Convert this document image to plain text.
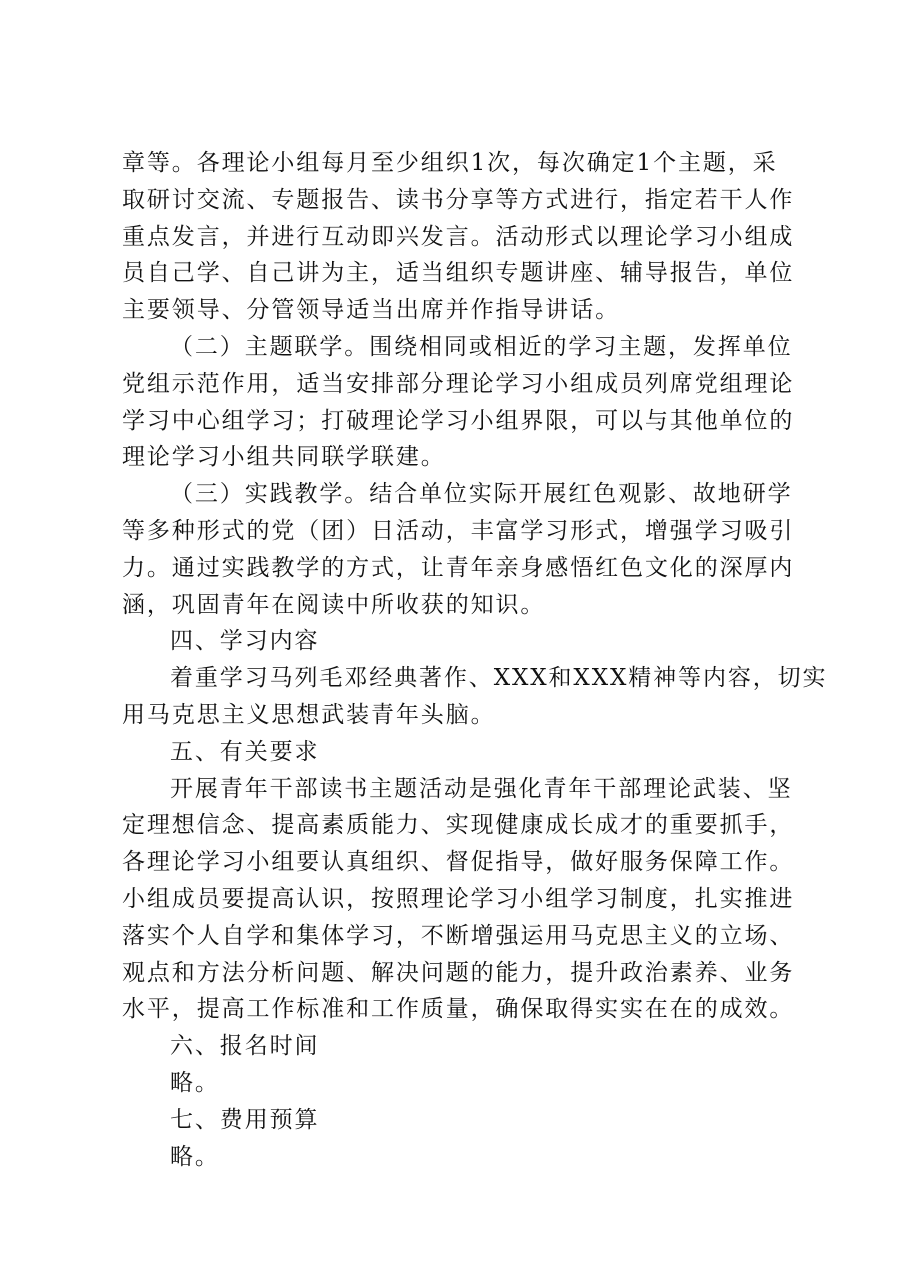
章等。各理论小组每月至少组织1次，每次确定1个主题，采
取研讨交流、专题报告、读书分享等方式进行，指定若干人作
重点发言，并进行互动即兴发言。活动形式以理论学习小组成
员自己学、自己讲为主，适当组织专题讲座、辅导报告，单位
主要领导、分管领导适当出席并作指导讲话。
（二）主题联学。围绕相同或相近的学习主题，发挥单位
党组示范作用，适当安排部分理论学习小组成员列席党组理论
学习中心组学习；打破理论学习小组界限，可以与其他单位的
理论学习小组共同联学联建。
（三）实践教学。结合单位实际开展红色观影、故地研学
等多种形式的党（团）日活动，丰富学习形式，增强学习吸引
力。通过实践教学的方式，让青年亲身感悟红色文化的深厚内
涵，巩固青年在阅读中所收获的知识。
四、学习内容
着重学习马列毛邓经典著作、XXX和XXX精神等内容，切实
用马克思主义思想武装青年头脑。
五、有关要求
开展青年干部读书主题活动是强化青年干部理论武装、坚
定理想信念、提高素质能力、实现健康成长成才的重要抓手，
各理论学习小组要认真组织、督促指导，做好服务保障工作。
小组成员要提高认识，按照理论学习小组学习制度，扎实推进
落实个人自学和集体学习，不断增强运用马克思主义的立场、
观点和方法分析问题、解决问题的能力，提升政治素养、业务
水平，提高工作标准和工作质量，确保取得实实在在的成效。
六、报名时间
略。
七、费用预算
略。
